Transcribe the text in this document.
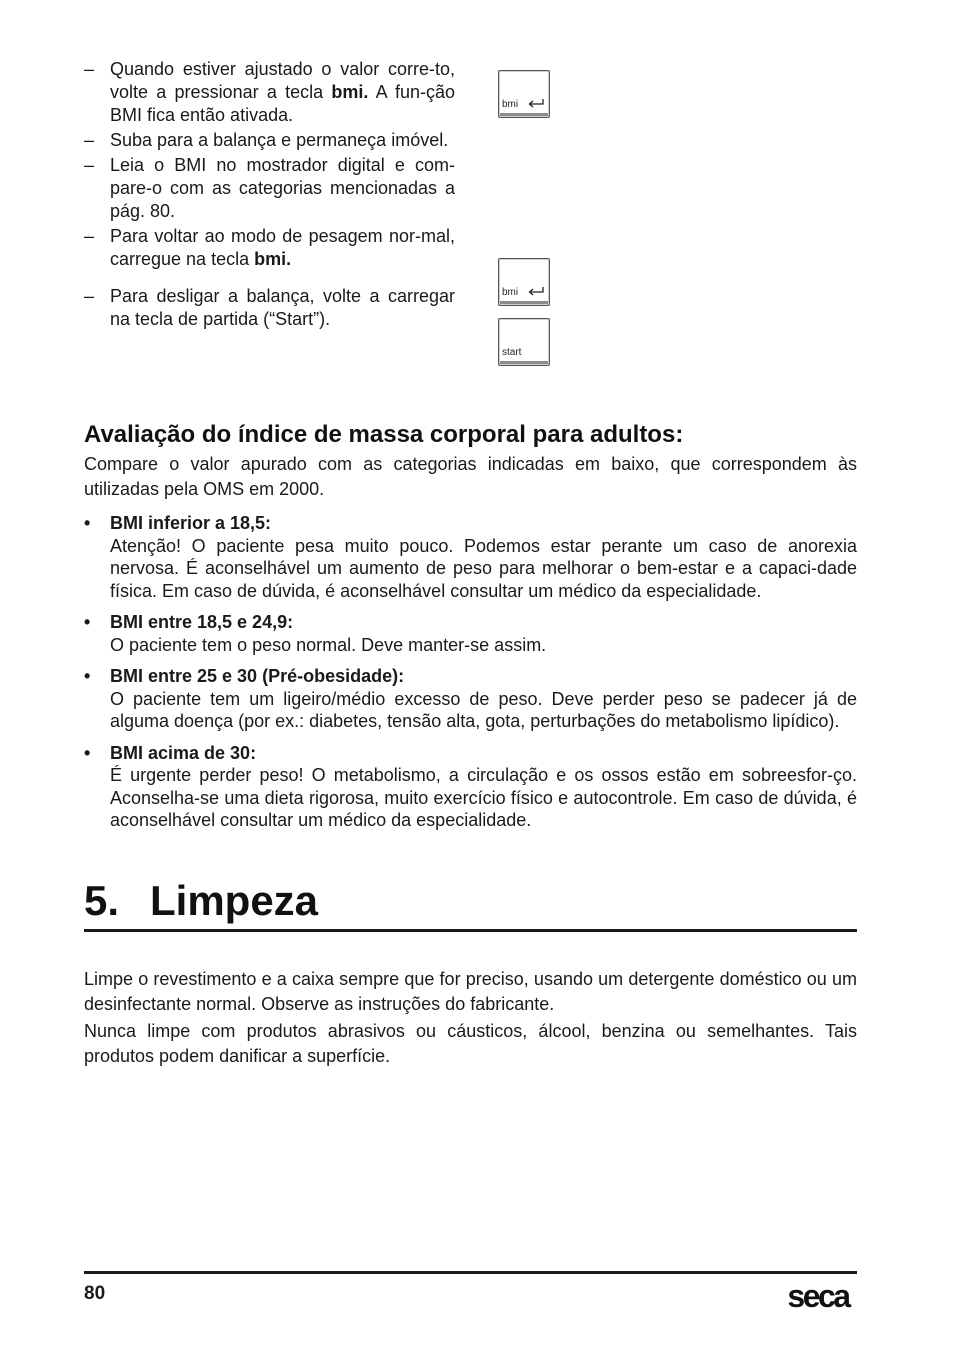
– Quando estiver ajustado o valor corre-to, volte a pressionar a tecla bmi. A fun-ção BMI fica então ativada.
– Suba para a balança e permaneça imóvel.
– Leia o BMI no mostrador digital e com-pare-o com as categorias mencionadas a pág. 80.
– Para voltar ao modo de pesagem nor-mal, carregue na tecla bmi.
– Para desligar a balança, volte a carregar na tecla de partida (“Start”).
bmi
bmi
start
Avaliação do índice de massa corporal para adultos:

Compare o valor apurado com as categorias indicadas em baixo, que correspondem às utilizadas pela OMS em 2000.

• BMI inferior a 18,5:
Atenção! O paciente pesa muito pouco. Podemos estar perante um caso de anorexia nervosa. É aconselhável um aumento de peso para melhorar o bem-estar e a capaci-dade física. Em caso de dúvida, é aconselhável consultar um médico da especialidade.
• BMI entre 18,5 e 24,9:
O paciente tem o peso normal. Deve manter-se assim.
• BMI entre 25 e 30 (Pré-obesidade):
O paciente tem um ligeiro/médio excesso de peso. Deve perder peso se padecer já de alguma doença (por ex.: diabetes, tensão alta, gota, perturbações do metabolismo lipídico).
• BMI acima de 30:
É urgente perder peso! O metabolismo, a circulação e os ossos estão em sobreesfor-ço. Aconselha-se uma dieta rigorosa, muito exercício físico e autocontrole. Em caso de dúvida, é aconselhável consultar um médico da especialidade.
5. Limpeza

Limpe o revestimento e a caixa sempre que for preciso, usando um detergente doméstico ou um desinfectante normal. Observe as instruções do fabricante.

Nunca limpe com produtos abrasivos ou cáusticos, álcool, benzina ou semelhantes. Tais produtos podem danificar a superfície.

80	seca
